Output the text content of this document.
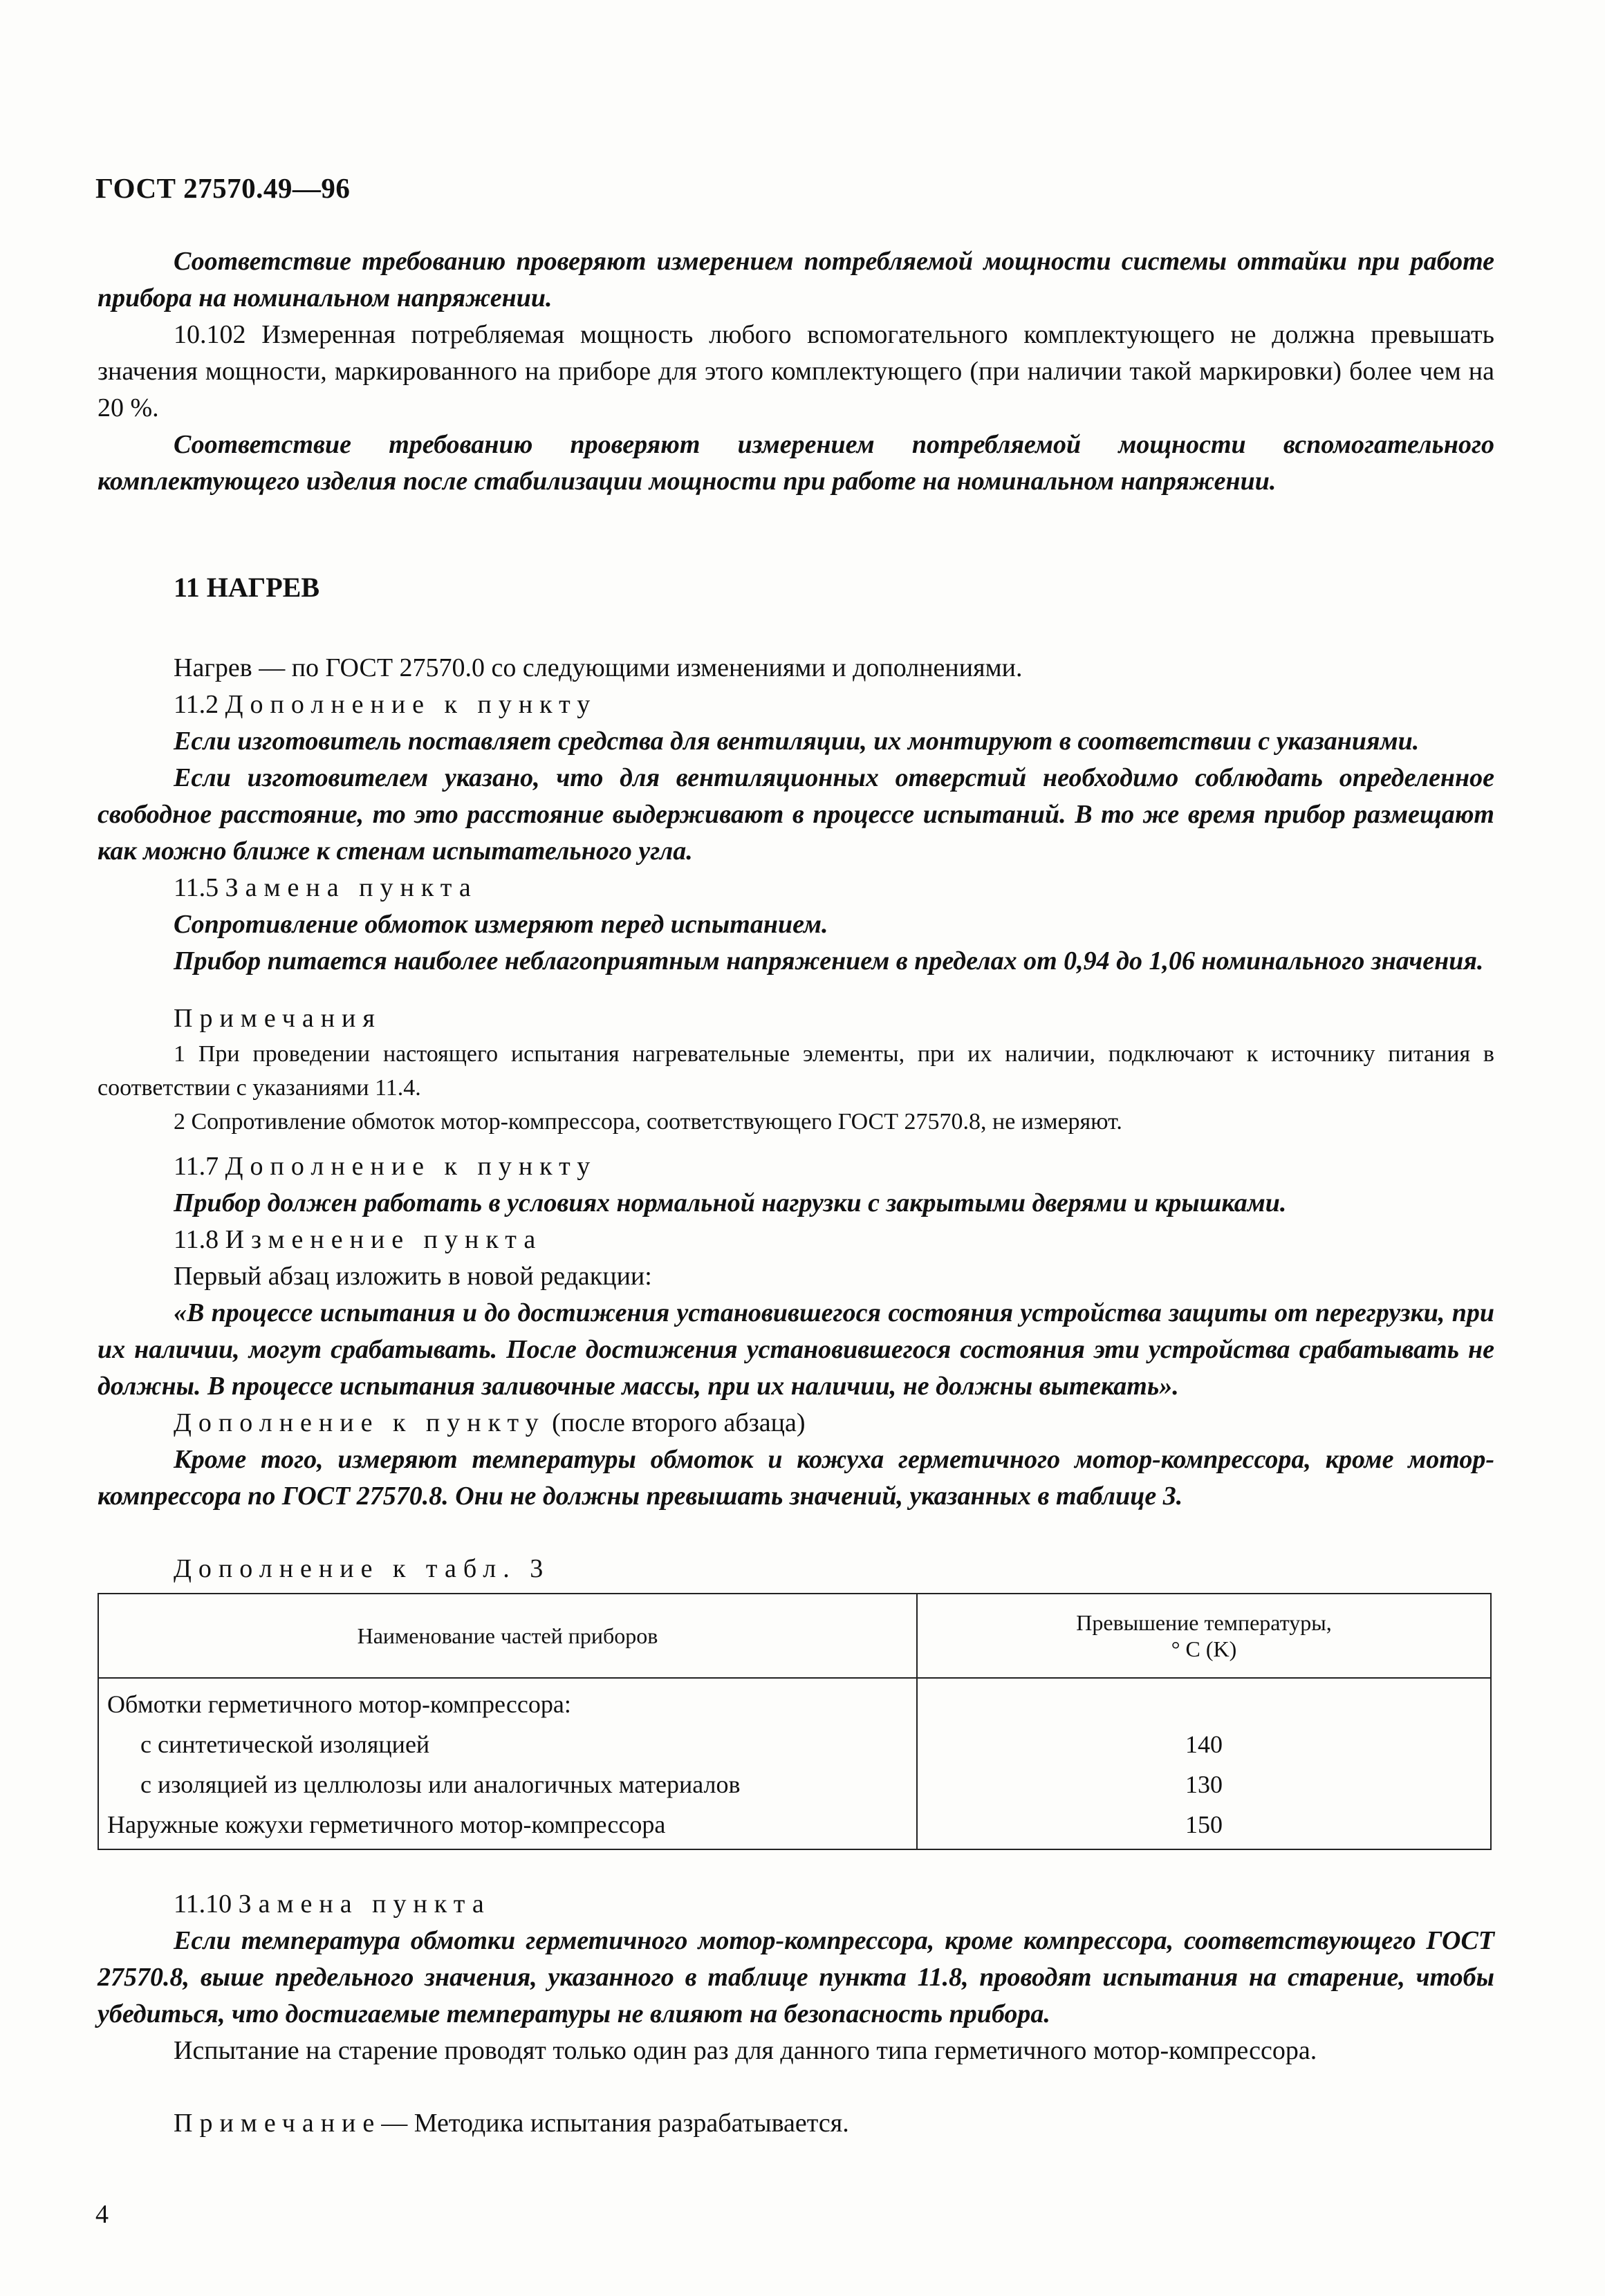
ГОСТ 27570.49—96

Соответствие требованию проверяют измерением потребляемой мощности системы оттайки при работе прибора на номинальном напряжении.

10.102 Измеренная потребляемая мощность любого вспомогательного комплектующего не должна превышать значения мощности, маркированного на приборе для этого комплектующего (при наличии такой маркировки) более чем на 20 %.

Соответствие требованию проверяют измерением потребляемой мощности вспомогательного комплектующего изделия после стабилизации мощности при работе на номинальном напряжении.

11 НАГРЕВ

Нагрев — по ГОСТ 27570.0 со следующими изменениями и дополнениями.

11.2 Дополнение к пункту

Если изготовитель поставляет средства для вентиляции, их монтируют в соответствии с указаниями.

Если изготовителем указано, что для вентиляционных отверстий необходимо соблюдать определенное свободное расстояние, то это расстояние выдерживают в процессе испытаний. В то же время прибор размещают как можно ближе к стенам испытательного угла.

11.5 Замена пункта

Сопротивление обмоток измеряют перед испытанием.

Прибор питается наиболее неблагоприятным напряжением в пределах от 0,94 до 1,06 номинального значения.

Примечания

1 При проведении настоящего испытания нагревательные элементы, при их наличии, подключают к источнику питания в соответствии с указаниями 11.4.

2 Сопротивление обмоток мотор-компрессора, соответствующего ГОСТ 27570.8, не измеряют.

11.7 Дополнение к пункту

Прибор должен работать в условиях нормальной нагрузки с закрытыми дверями и крышками.

11.8 Изменение пункта

Первый абзац изложить в новой редакции:

«В процессе испытания и до достижения установившегося состояния устройства защиты от перегрузки, при их наличии, могут срабатывать. После достижения установившегося состояния эти устройства срабатывать не должны. В процессе испытания заливочные массы, при их наличии, не должны вытекать».

Дополнение к пункту (после второго абзаца)

Кроме того, измеряют температуры обмоток и кожуха герметичного мотор-компрессора, кроме мотор-компрессора по ГОСТ 27570.8. Они не должны превышать значений, указанных в таблице 3.

Дополнение к табл. 3

Наименование частей приборов	Превышение температуры,
° C (K)
Обмотки герметичного мотор-компрессора:	
с синтетической изоляцией	140
с изоляцией из целлюлозы или аналогичных материалов	130
Наружные кожухи герметичного мотор-компрессора	150

11.10 Замена пункта

Если температура обмотки герметичного мотор-компрессора, кроме компрессора, соответствующего ГОСТ 27570.8, выше предельного значения, указанного в таблице пункта 11.8, проводят испытания на старение, чтобы убедиться, что достигаемые температуры не влияют на безопасность прибора.

Испытание на старение проводят только один раз для данного типа герметичного мотор-компрессора.

Примечание— Методика испытания разрабатывается.

4
